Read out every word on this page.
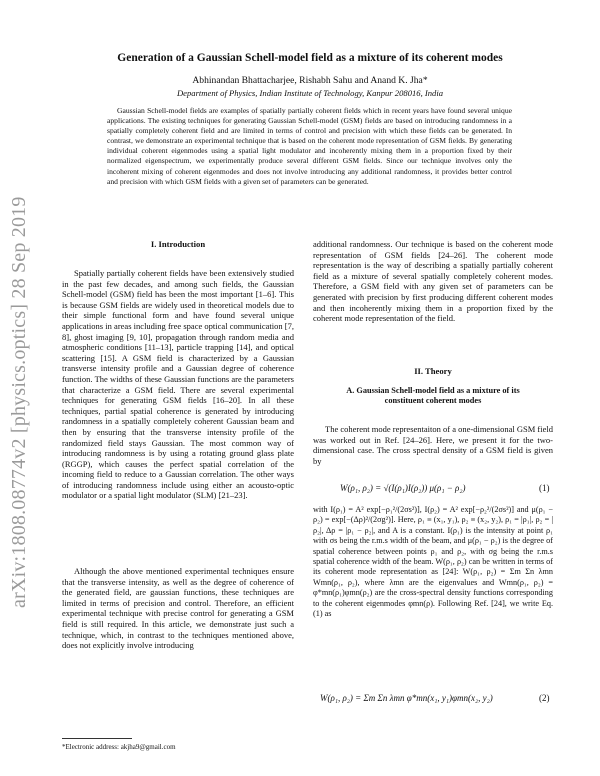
arXiv:1808.08774v2 [physics.optics] 28 Sep 2019
Generation of a Gaussian Schell-model field as a mixture of its coherent modes
Abhinandan Bhattacharjee, Rishabh Sahu and Anand K. Jha*
Department of Physics, Indian Institute of Technology, Kanpur 208016, India
Gaussian Schell-model fields are examples of spatially partially coherent fields which in recent years have found several unique applications. The existing techniques for generating Gaussian Schell-model (GSM) fields are based on introducing randomness in a spatially completely coherent field and are limited in terms of control and precision with which these fields can be generated. In contrast, we demonstrate an experimental technique that is based on the coherent mode representation of GSM fields. By generating individual coherent eigenmodes using a spatial light modulator and incoherently mixing them in a proportion fixed by their normalized eigenspectrum, we experimentally produce several different GSM fields. Since our technique involves only the incoherent mixing of coherent eigenmodes and does not involve introducing any additional randomness, it provides better control and precision with which GSM fields with a given set of parameters can be generated.
I. Introduction

Spatially partially coherent fields have been extensively studied in the past few decades, and among such fields, the Gaussian Schell-model (GSM) field has been the most important [1–6]. This is because GSM fields are widely used in theoretical models due to their simple functional form and have found several unique applications in areas including free space optical communication [7, 8], ghost imaging [9, 10], propagation through random media and atmospheric conditions [11–13], particle trapping [14], and optical scattering [15]. A GSM field is characterized by a Gaussian transverse intensity profile and a Gaussian degree of coherence function. The widths of these Gaussian functions are the parameters that characterize a GSM field. There are several experimental techniques for generating GSM fields [16–20]. In all these techniques, partial spatial coherence is generated by introducing randomness in a spatially completely coherent Gaussian beam and then by ensuring that the transverse intensity profile of the randomized field stays Gaussian. The most common way of introducing randomness is by using a rotating ground glass plate (RGGP), which causes the perfect spatial correlation of the incoming field to reduce to a Gaussian correlation. The other ways of introducing randomness include using either an acousto-optic modulator or a spatial light modulator (SLM) [21–23].

Although the above mentioned experimental techniques ensure that the transverse intensity, as well as the degree of coherence of the generated field, are gaussian functions, these techniques are limited in terms of precision and control. Therefore, an efficient experimental technique with precise control for generating a GSM field is still required. In this article, we demonstrate just such a technique, which, in contrast to the techniques mentioned above, does not explicitly involve introducing

additional randomness. Our technique is based on the coherent mode representation of GSM fields [24–26]. The coherent mode representation is the way of describing a spatially partially coherent field as a mixture of several spatially completely coherent modes. Therefore, a GSM field with any given set of parameters can be generated with precision by first producing different coherent modes and then incoherently mixing them in a proportion fixed by the coherent mode representation of the field.

II. Theory
A. Gaussian Schell-model field as a mixture of its constituent coherent modes

The coherent mode representaiton of a one-dimensional GSM field was worked out in Ref. [24–26]. Here, we present it for the two-dimensional case. The cross spectral density of a GSM field is given by

W(ρ₁, ρ₂) = √(I(ρ₁)I(ρ₂)) μ(ρ₁ − ρ₂)	(1)

with I(ρ₁) = A² exp[−ρ₁²/(2σs²)], I(ρ₂) = A² exp[−ρ₂²/(2σs²)] and μ(ρ₁ − ρ₂) = exp[−(Δρ)²/(2σg²)]. Here, ρ₁ ≡ (x₁, y₁), ρ₂ ≡ (x₂, y₂), ρ₁ = |ρ₁|, ρ₂ = |ρ₂|, Δρ = |ρ₁ − ρ₂|, and A is a constant. I(ρ₁) is the intensity at point ρ₁ with σs being the r.m.s width of the beam, and μ(ρ₁ − ρ₂) is the degree of spatial coherence between points ρ₁ and ρ₂, with σg being the r.m.s spatial coherence width of the beam. W(ρ₁, ρ₂) can be written in terms of its coherent mode representation as [24]: W(ρ₁, ρ₂) = Σm Σn λmn Wmn(ρ₁, ρ₂), where λmn are the eigenvalues and Wmn(ρ₁, ρ₂) = φ*mn(ρ₁)φmn(ρ₂) are the cross-spectral density functions corresponding to the coherent eigenmodes φmn(ρ). Following Ref. [24], we write Eq. (1) as

W(ρ₁, ρ₂) = Σm Σn λmn φ*mn(x₁, y₁)φmn(x₂, y₂)	(2)
*Electronic address: akjha9@gmail.com
